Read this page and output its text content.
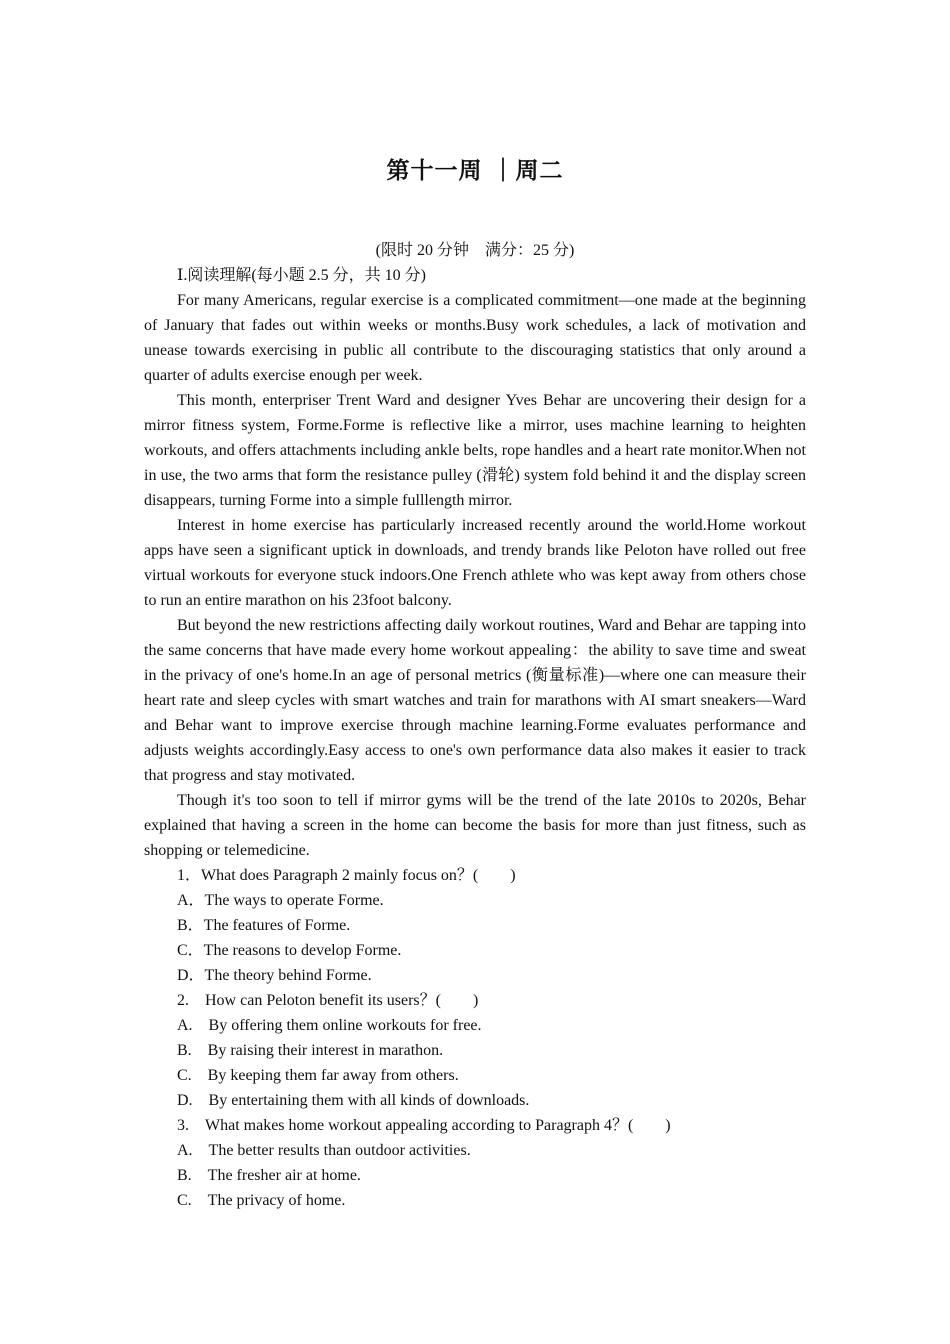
第十一周 ｜周二
(限时 20 分钟　满分：25 分)
Ⅰ.阅读理解(每小题 2.5 分，共 10 分)

For many Americans, regular exercise is a complicated commitment—one made at the beginning of January that fades out within weeks or months.Busy work schedules, a lack of motivation and unease towards exercising in public all contribute to the discouraging statistics that only around a quarter of adults exercise enough per week.

This month, enterpriser Trent Ward and designer Yves Behar are uncovering their design for a mirror fitness system, Forme.Forme is reflective like a mirror, uses machine learning to heighten workouts, and offers attachments including ankle belts, rope handles and a heart rate monitor.When not in use, the two arms that form the resistance pulley (滑轮) system fold behind it and the display screen disappears, turning Forme into a simple fulllength mirror.

Interest in home exercise has particularly increased recently around the world.Home workout apps have seen a significant uptick in downloads, and trendy brands like Peloton have rolled out free virtual workouts for everyone stuck indoors.One French athlete who was kept away from others chose to run an entire marathon on his 23foot balcony.

But beyond the new restrictions affecting daily workout routines, Ward and Behar are tapping into the same concerns that have made every home workout appealing：the ability to save time and sweat in the privacy of one's home.In an age of personal metrics (衡量标准)—where one can measure their heart rate and sleep cycles with smart watches and train for marathons with AI smart sneakers—Ward and Behar want to improve exercise through machine learning.Forme evaluates performance and adjusts weights accordingly.Easy access to one's own performance data also makes it easier to track that progress and stay motivated.

Though it's too soon to tell if mirror gyms will be the trend of the late 2010s to 2020s, Behar explained that having a screen in the home can become the basis for more than just fitness, such as shopping or telemedicine.

1．What does Paragraph 2 mainly focus on？(　　)
A．The ways to operate Forme.
B．The features of Forme.
C．The reasons to develop Forme.
D．The theory behind Forme.
2.　How can Peloton benefit its users？(　　)
A.　By offering them online workouts for free.
B.　By raising their interest in marathon.
C.　By keeping them far away from others.
D.　By entertaining them with all kinds of downloads.
3.　What makes home workout appealing according to Paragraph 4？(　　)
A.　The better results than outdoor activities.
B.　The fresher air at home.
C.　The privacy of home.
